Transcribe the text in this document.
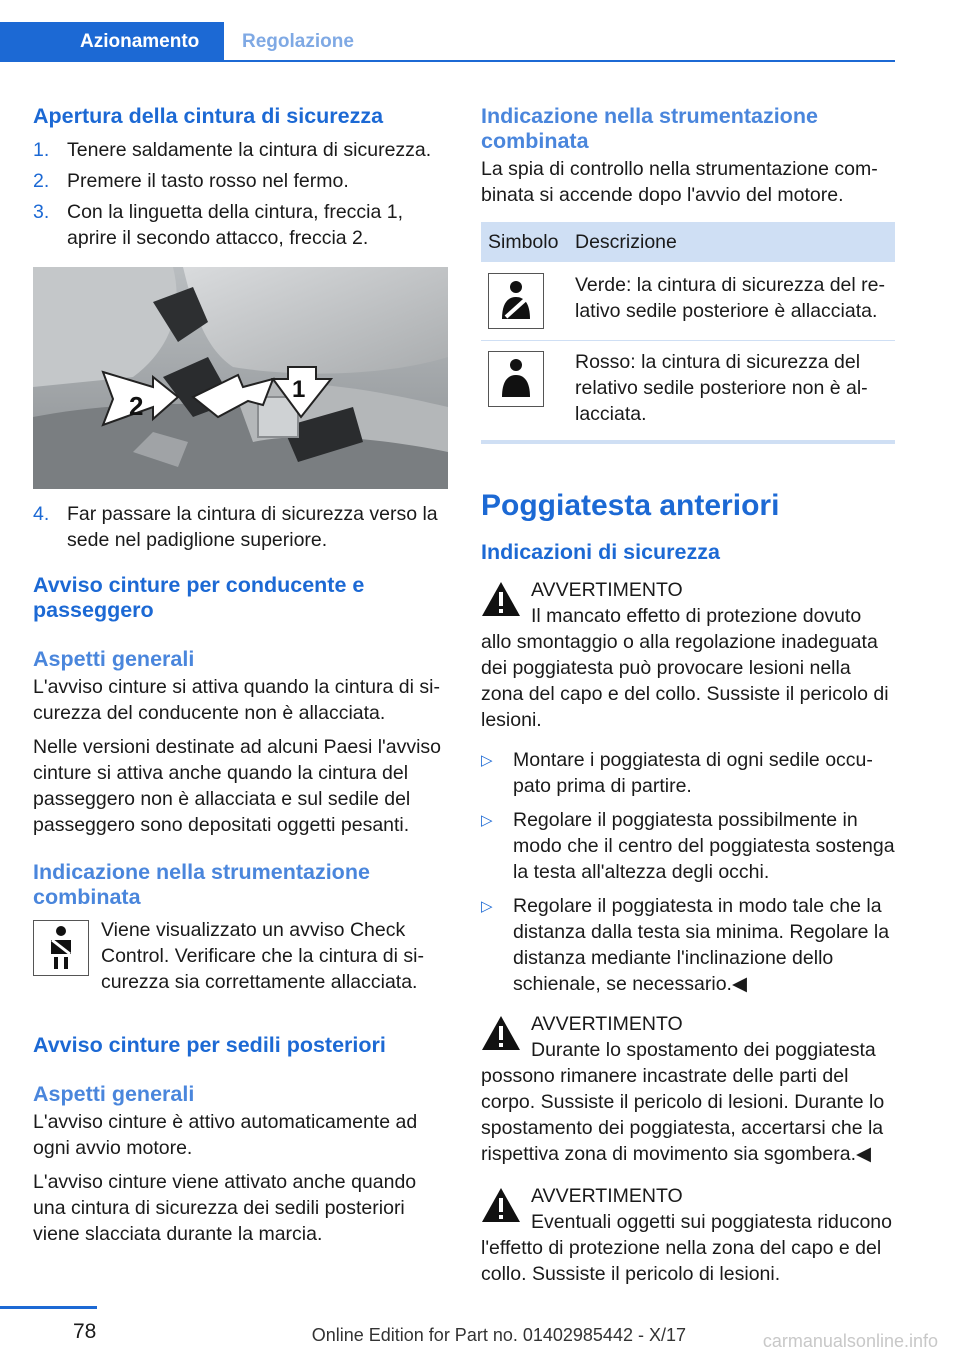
Azionamento	Regolazione
Apertura della cintura di sicurezza
1. Tenere saldamente la cintura di sicurezza.
2. Premere il tasto rosso nel fermo.
3. Con la linguetta della cintura, freccia 1, aprire il secondo attacco, freccia 2.
2
1
4. Far passare la cintura di sicurezza verso la sede nel padiglione superiore.
Avviso cinture per conducente e passeggero
Aspetti generali

L'avviso cinture si attiva quando la cintura di sicurezza del conducente non è allacciata.

Nelle versioni destinate ad alcuni Paesi l'avviso cinture si attiva anche quando la cintura del passeggero non è allacciata e sul sedile del passeggero sono depositati oggetti pesanti.

Indicazione nella strumentazione combinata

Viene visualizzato un avviso Check Control. Verificare che la cintura di sicurezza sia correttamente allacciata.

Avviso cinture per sedili posteriori
Aspetti generali

L'avviso cinture è attivo automaticamente ad ogni avvio motore.

L'avviso cinture viene attivato anche quando una cintura di sicurezza dei sedili posteriori viene slacciata durante la marcia.

Indicazione nella strumentazione combinata

La spia di controllo nella strumentazione combinata si accende dopo l'avvio del motore.

Simbolo	Descrizione

	Verde: la cintura di sicurezza del relativo sedile posteriore è allacciata.

	Rosso: la cintura di sicurezza del relativo sedile posteriore non è allacciata.
Poggiatesta anteriori
Indicazioni di sicurezza
AVVERTIMENTO

Il mancato effetto di protezione dovuto allo smontaggio o alla regolazione inadeguata dei poggiatesta può provocare lesioni nella zona del capo e del collo. Sussiste il pericolo di lesioni.

▷	Montare i poggiatesta di ogni sedile occupato prima di partire.
▷	Regolare il poggiatesta possibilmente in modo che il centro del poggiatesta sostenga la testa all'altezza degli occhi.
▷	Regolare il poggiatesta in modo tale che la distanza dalla testa sia minima. Regolare la distanza mediante l'inclinazione dello schienale, se necessario.◀
AVVERTIMENTO

Durante lo spostamento dei poggiatesta possono rimanere incastrate delle parti del corpo. Sussiste il pericolo di lesioni. Durante lo spostamento dei poggiatesta, accertarsi che la rispettiva zona di movimento sia sgombera.◀

AVVERTIMENTO

Eventuali oggetti sui poggiatesta riducono l'effetto di protezione nella zona del capo e del collo. Sussiste il pericolo di lesioni.

78	Online Edition for Part no. 01402985442 - X/17	carmanualsonline.info
